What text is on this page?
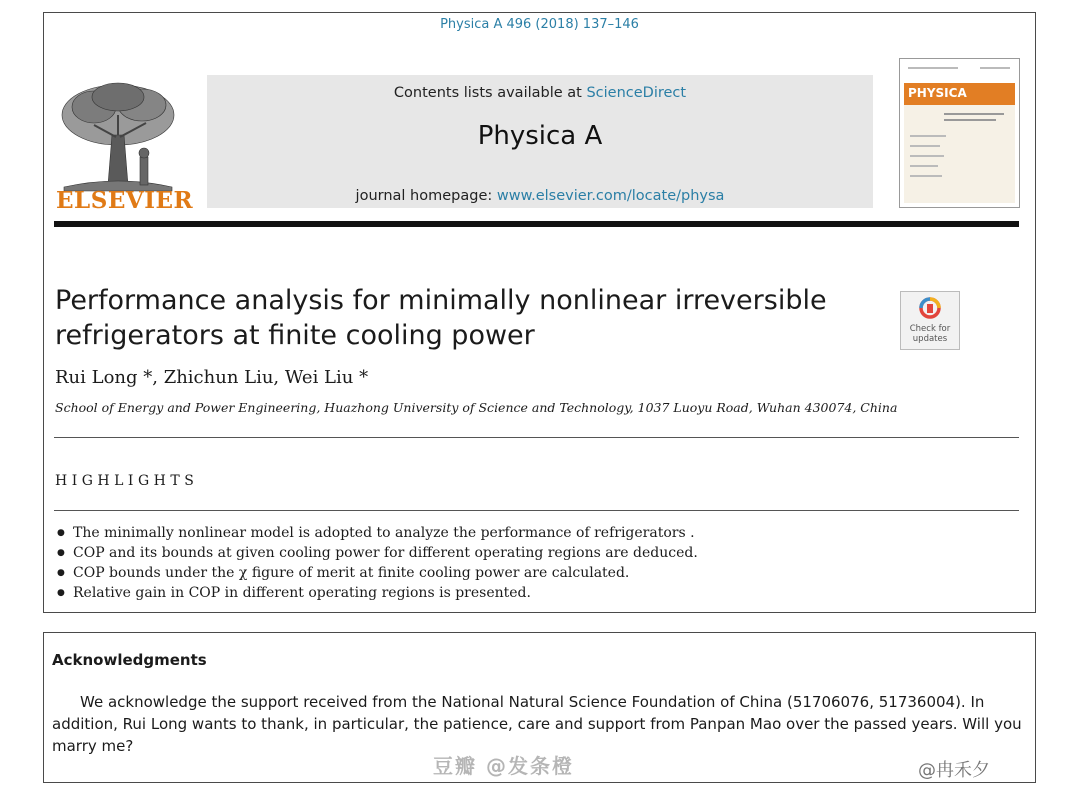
Physica A 496 (2018) 137–146
ELSEVIER
Contents lists available at ScienceDirect
Physica A
journal homepage: www.elsevier.com/locate/physa
PHYSICA
Performance analysis for minimally nonlinear irreversible refrigerators at finite cooling power	Check for updates
Rui Long *, Zhichun Liu, Wei Liu *
School of Energy and Power Engineering, Huazhong University of Science and Technology, 1037 Luoyu Road, Wuhan 430074, China
HIGHLIGHTS
● The minimally nonlinear model is adopted to analyze the performance of refrigerators .
● COP and its bounds at given cooling power for different operating regions are deduced.
● COP bounds under the χ figure of merit at finite cooling power are calculated.
● Relative gain in COP in different operating regions is presented.
Acknowledgments
We acknowledge the support received from the National Natural Science Foundation of China (51706076, 51736004). In addition, Rui Long wants to thank, in particular, the patience, care and support from Panpan Mao over the passed years. Will you marry me?
豆瓣 @发条橙	@冉禾夕
